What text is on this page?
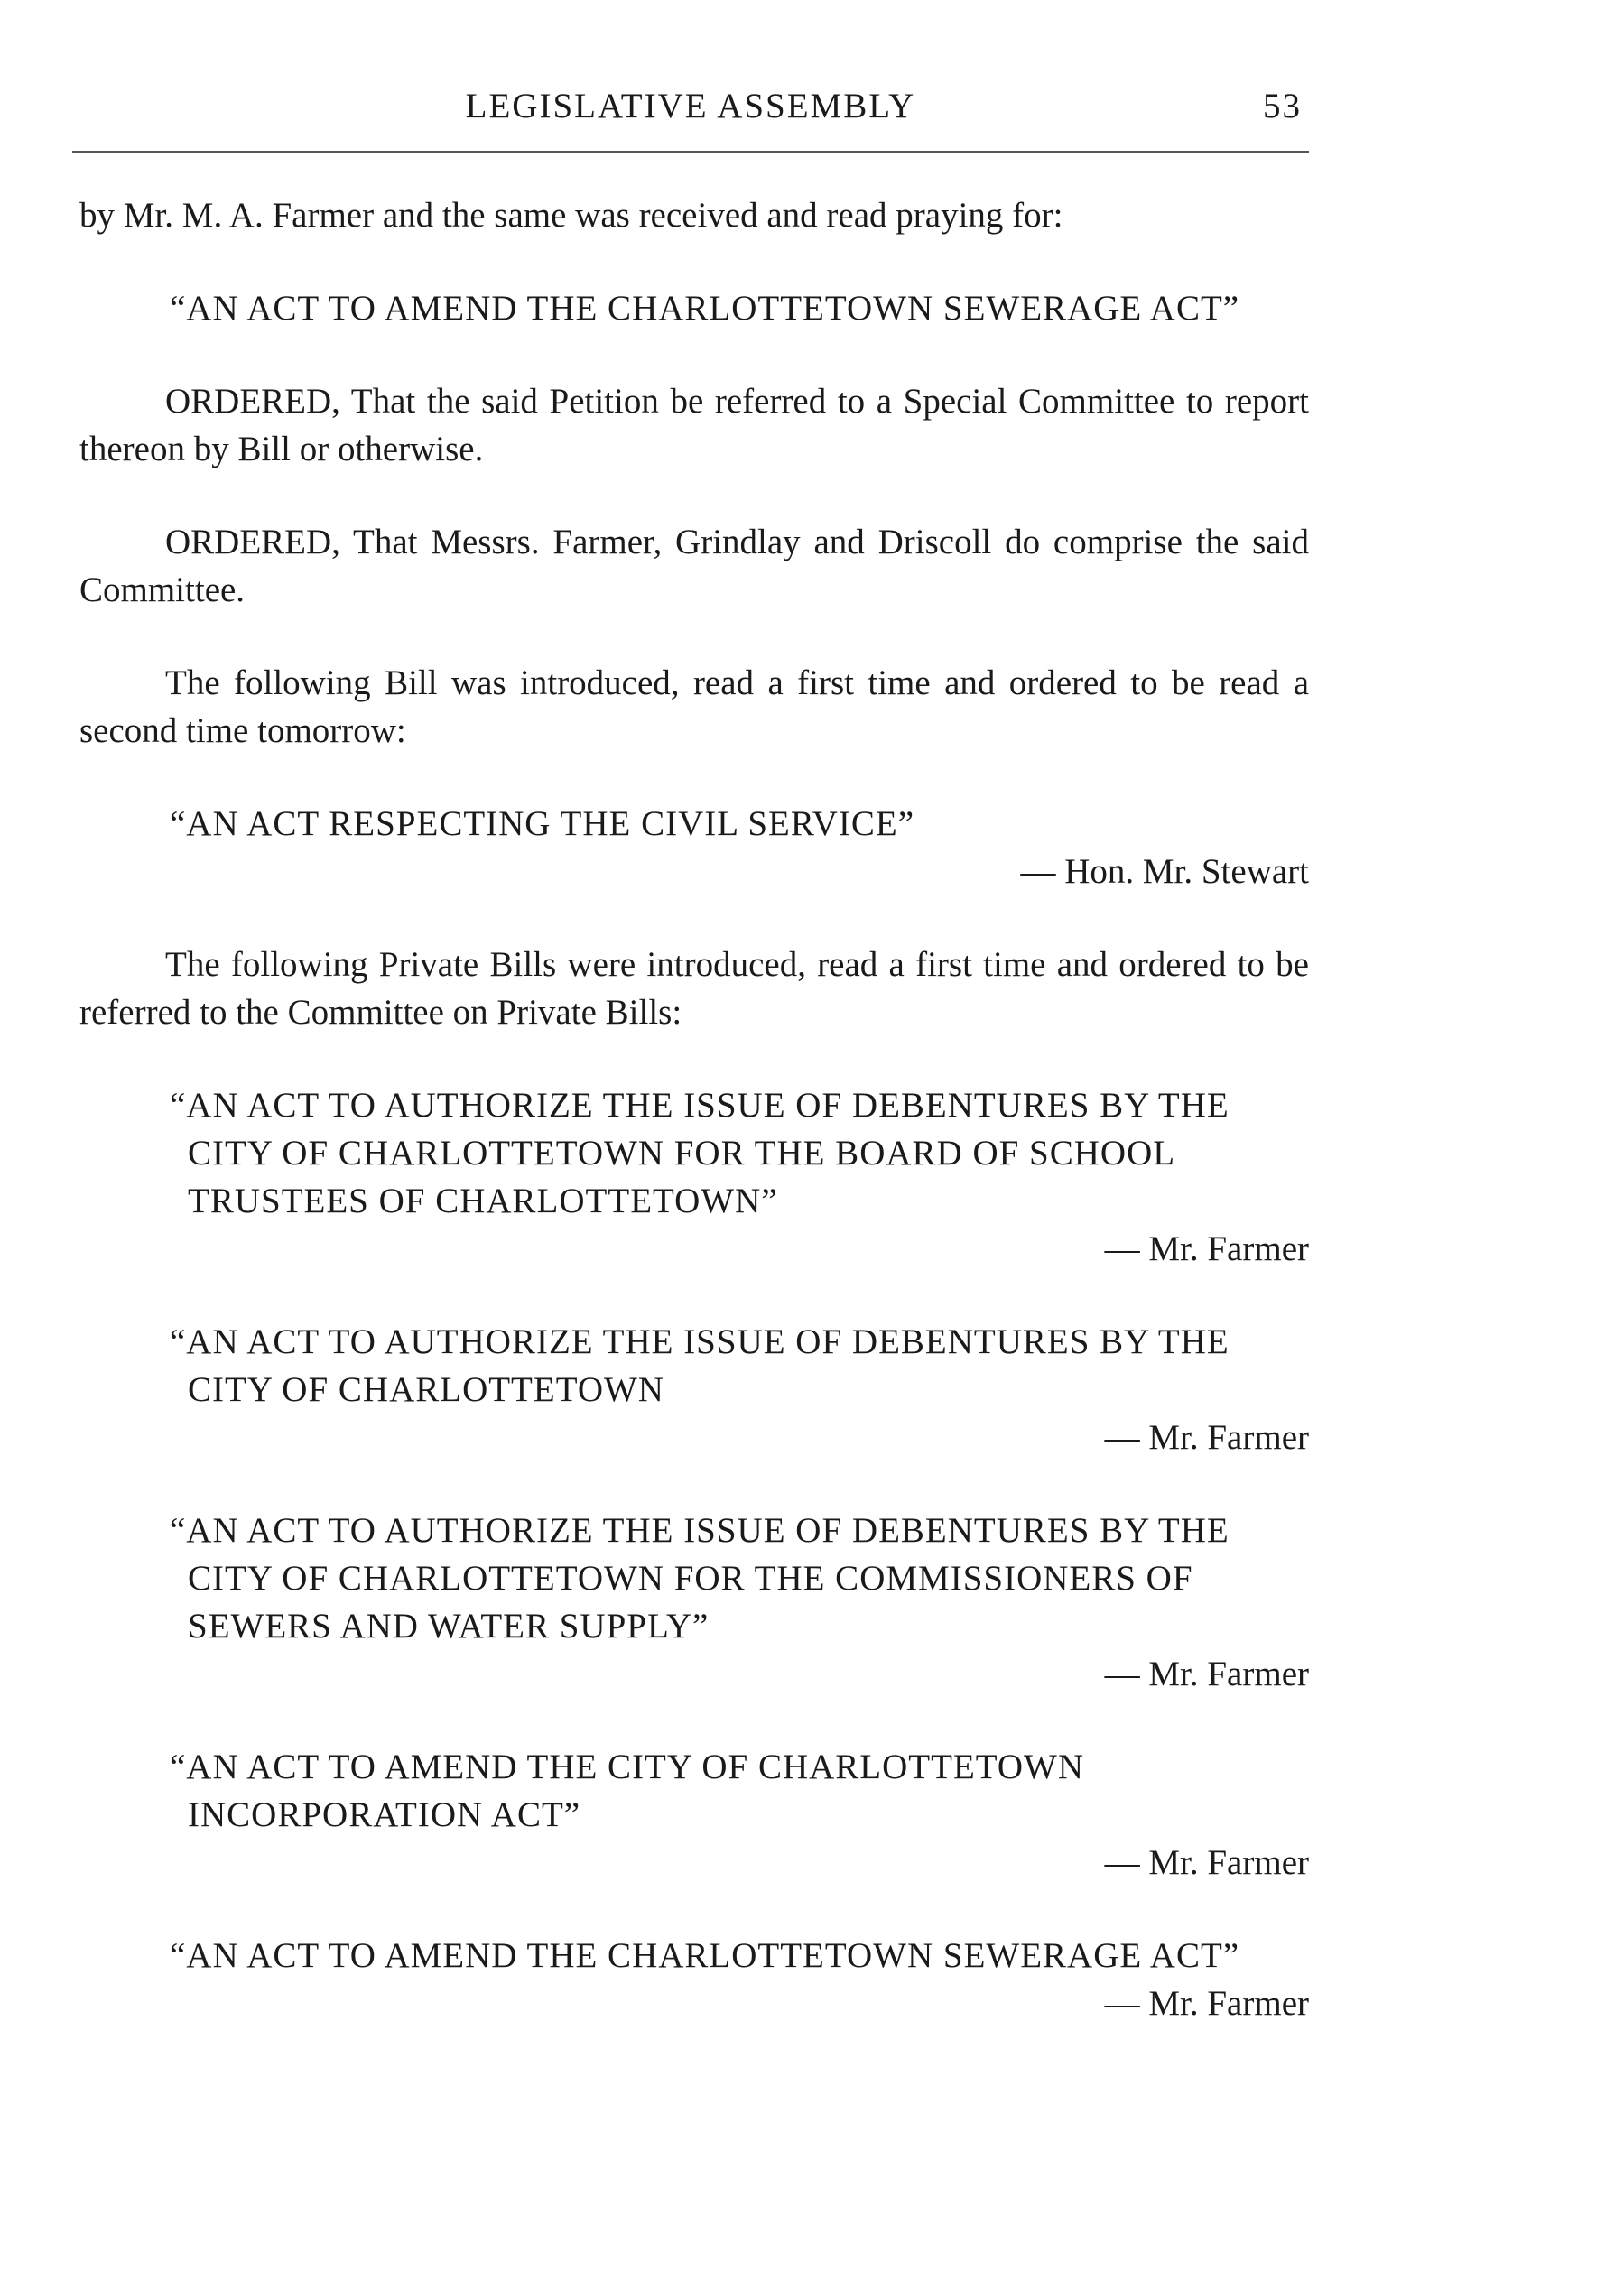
LEGISLATIVE ASSEMBLY	53

by Mr. M. A. Farmer and the same was received and read praying for:

“AN ACT TO AMEND THE CHARLOTTETOWN SEWERAGE ACT”

ORDERED, That the said Petition be referred to a Special Committee to report thereon by Bill or otherwise.

ORDERED, That Messrs. Farmer, Grindlay and Driscoll do comprise the said Committee.

The following Bill was introduced, read a first time and ordered to be read a second time tomorrow:

“AN ACT RESPECTING THE CIVIL SERVICE”

— Hon. Mr. Stewart

The following Private Bills were introduced, read a first time and ordered to be referred to the Committee on Private Bills:

“AN ACT TO AUTHORIZE THE ISSUE OF DEBENTURES BY THE CITY OF CHARLOTTETOWN FOR THE BOARD OF SCHOOL TRUSTEES OF CHARLOTTETOWN”

— Mr. Farmer

“AN ACT TO AUTHORIZE THE ISSUE OF DEBENTURES BY THE CITY OF CHARLOTTETOWN

— Mr. Farmer

“AN ACT TO AUTHORIZE THE ISSUE OF DEBENTURES BY THE CITY OF CHARLOTTETOWN FOR THE COMMISSIONERS OF SEWERS AND WATER SUPPLY”

— Mr. Farmer

“AN ACT TO AMEND THE CITY OF CHARLOTTETOWN INCORPORATION ACT”

— Mr. Farmer

“AN ACT TO AMEND THE CHARLOTTETOWN SEWERAGE ACT”

— Mr. Farmer
